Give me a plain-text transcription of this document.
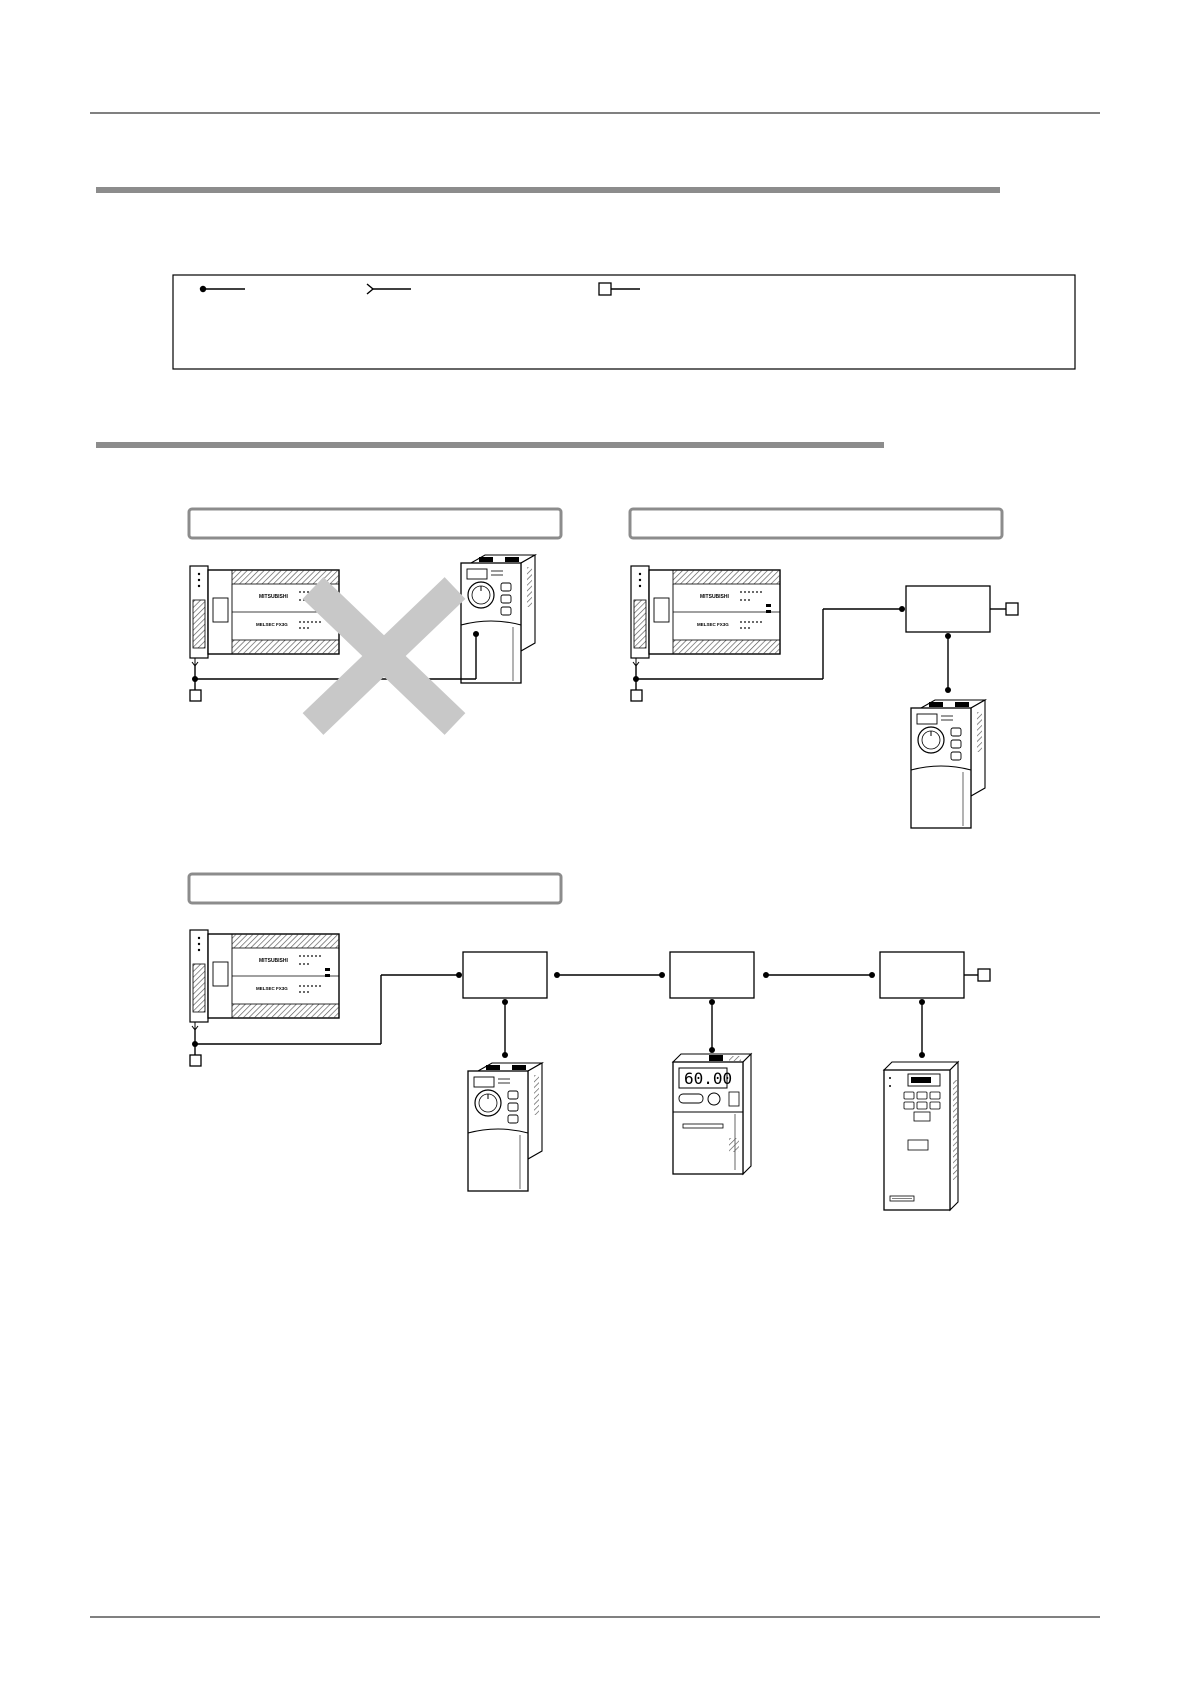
MITSUBISHI
MELSEC FX3G
60.00
